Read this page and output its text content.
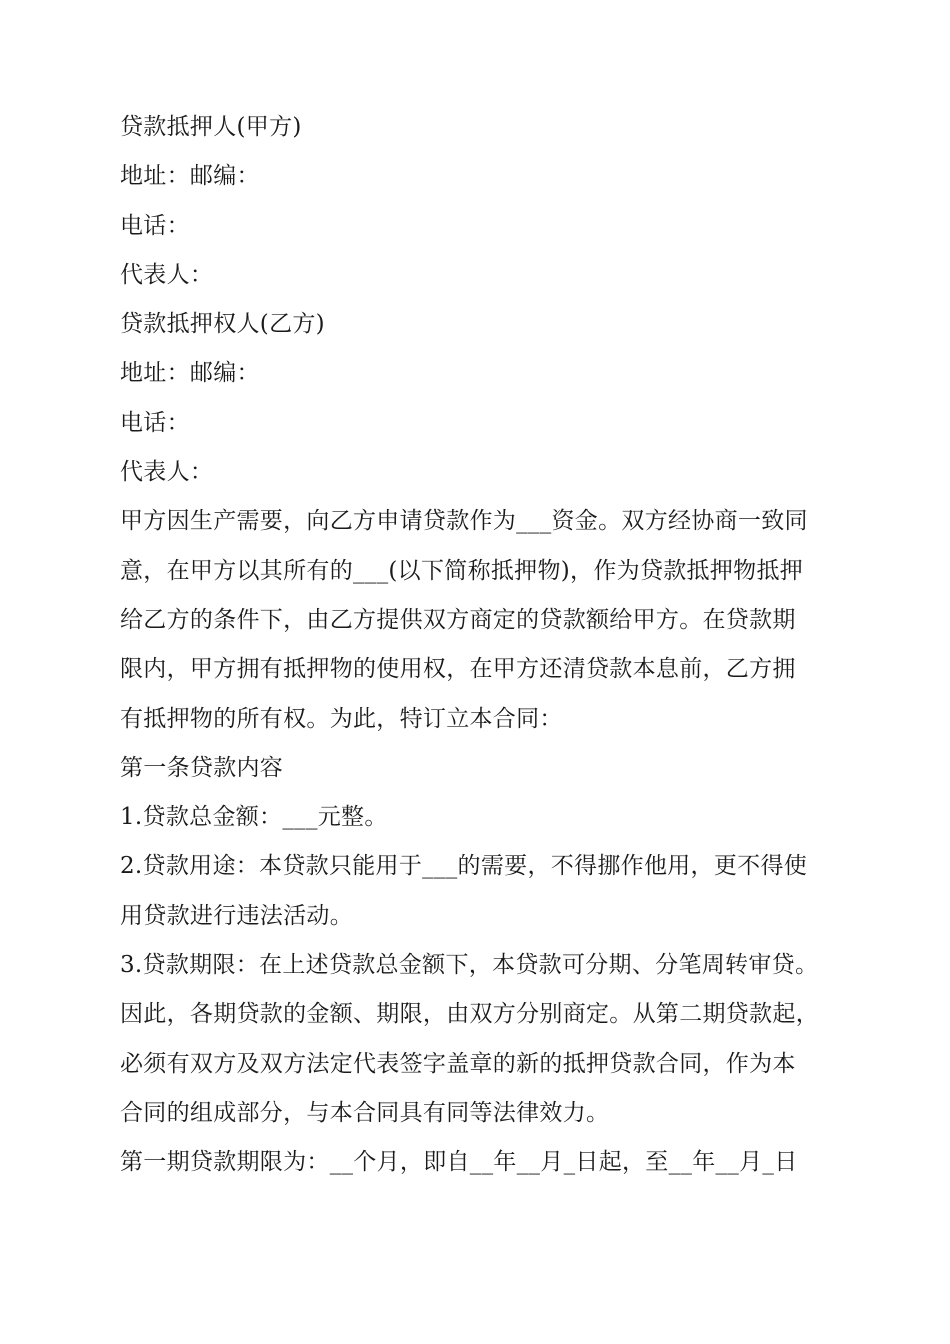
贷款抵押人(甲方)

地址：邮编：

电话：

代表人：

贷款抵押权人(乙方)

地址：邮编：

电话：

代表人：

甲方因生产需要，向乙方申请贷款作为___资金。双方经协商一致同
意，在甲方以其所有的___(以下简称抵押物)，作为贷款抵押物抵押
给乙方的条件下，由乙方提供双方商定的贷款额给甲方。在贷款期
限内，甲方拥有抵押物的使用权，在甲方还清贷款本息前，乙方拥
有抵押物的所有权。为此，特订立本合同：

第一条贷款内容

1.贷款总金额：___元整。

2.贷款用途：本贷款只能用于___的需要，不得挪作他用，更不得使
用贷款进行违法活动。

3.贷款期限：在上述贷款总金额下，本贷款可分期、分笔周转审贷。
因此，各期贷款的金额、期限，由双方分别商定。从第二期贷款起，
必须有双方及双方法定代表签字盖章的新的抵押贷款合同，作为本
合同的组成部分，与本合同具有同等法律效力。

第一期贷款期限为：__个月，即自__年__月_日起，至__年__月_日
